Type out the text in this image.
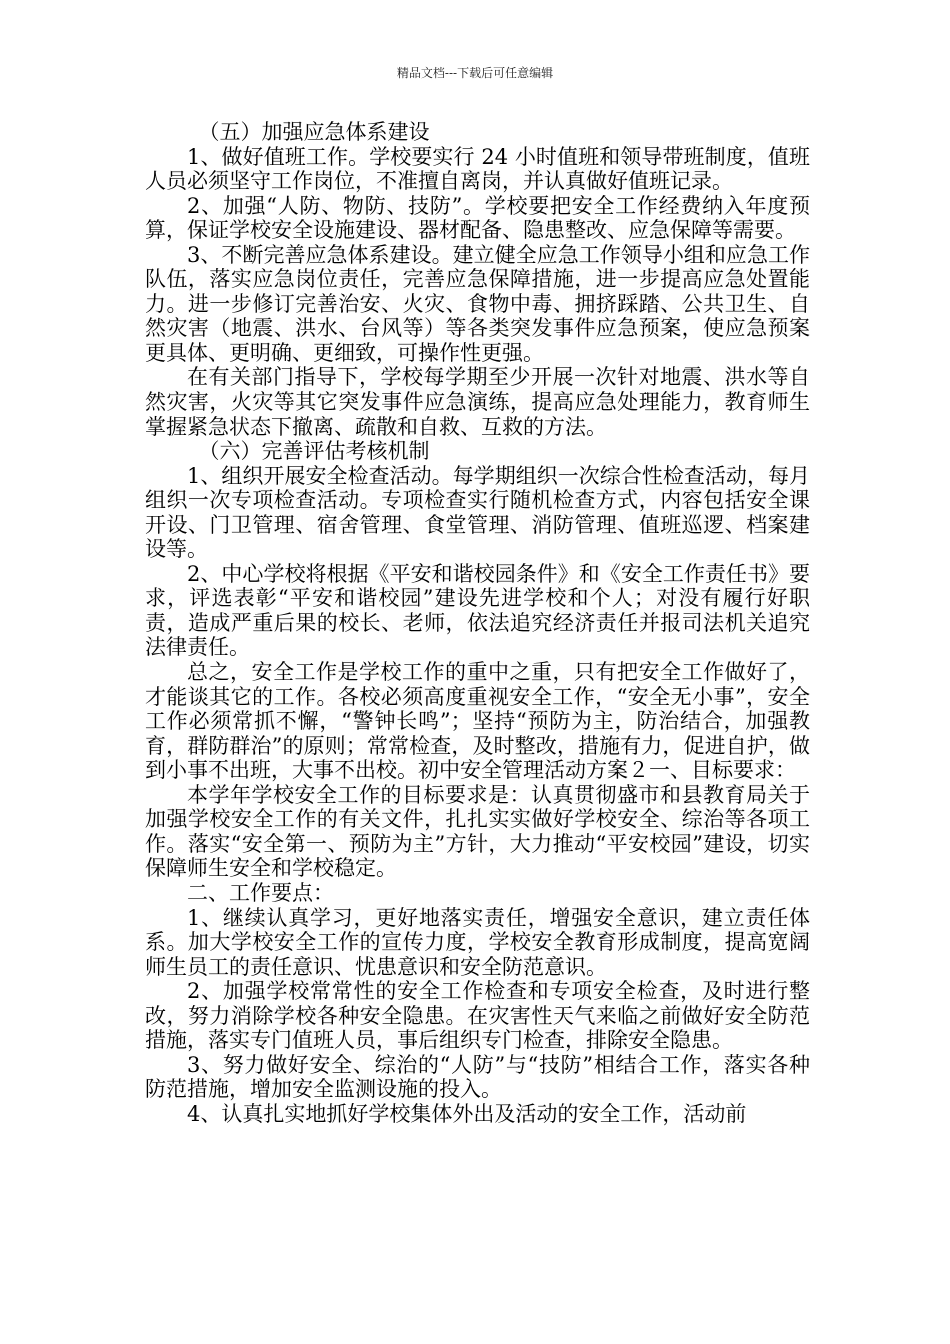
精品文档---下载后可任意编辑

（五）加强应急体系建设

1、做好值班工作。学校要实行 24 小时值班和领导带班制度，值班人员必须坚守工作岗位，不准擅自离岗，并认真做好值班记录。

2、加强“人防、物防、技防”。学校要把安全工作经费纳入年度预算，保证学校安全设施建设、器材配备、隐患整改、应急保障等需要。

3、不断完善应急体系建设。建立健全应急工作领导小组和应急工作队伍，落实应急岗位责任，完善应急保障措施，进一步提高应急处置能力。进一步修订完善治安、火灾、食物中毒、拥挤踩踏、公共卫生、自然灾害（地震、洪水、台风等）等各类突发事件应急预案，使应急预案更具体、更明确、更细致，可操作性更强。

在有关部门指导下，学校每学期至少开展一次针对地震、洪水等自然灾害，火灾等其它突发事件应急演练，提高应急处理能力，教育师生掌握紧急状态下撤离、疏散和自救、互救的方法。

（六）完善评估考核机制

1、组织开展安全检查活动。每学期组织一次综合性检查活动，每月组织一次专项检查活动。专项检查实行随机检查方式，内容包括安全课开设、门卫管理、宿舍管理、食堂管理、消防管理、值班巡逻、档案建设等。

2、中心学校将根据《平安和谐校园条件》和《安全工作责任书》要求，评选表彰“平安和谐校园”建设先进学校和个人；对没有履行好职责，造成严重后果的校长、老师，依法追究经济责任并报司法机关追究法律责任。

总之，安全工作是学校工作的重中之重，只有把安全工作做好了，才能谈其它的工作。各校必须高度重视安全工作，“安全无小事”，安全工作必须常抓不懈，“警钟长鸣”；坚持“预防为主，防治结合，加强教育，群防群治”的原则；常常检查，及时整改，措施有力，促进自护，做到小事不出班，大事不出校。初中安全管理活动方案２一、目标要求：

本学年学校安全工作的目标要求是：认真贯彻盛市和县教育局关于加强学校安全工作的有关文件，扎扎实实做好学校安全、综治等各项工作。落实“安全第一、预防为主”方针，大力推动“平安校园”建设，切实保障师生安全和学校稳定。

二、工作要点：

1、继续认真学习，更好地落实责任，增强安全意识，建立责任体系。加大学校安全工作的宣传力度，学校安全教育形成制度，提高宽阔师生员工的责任意识、忧患意识和安全防范意识。

2、加强学校常常性的安全工作检查和专项安全检查，及时进行整改，努力消除学校各种安全隐患。在灾害性天气来临之前做好安全防范措施，落实专门值班人员，事后组织专门检查，排除安全隐患。

3、努力做好安全、综治的“人防”与“技防”相结合工作，落实各种防范措施，增加安全监测设施的投入。

4、认真扎实地抓好学校集体外出及活动的安全工作，活动前
